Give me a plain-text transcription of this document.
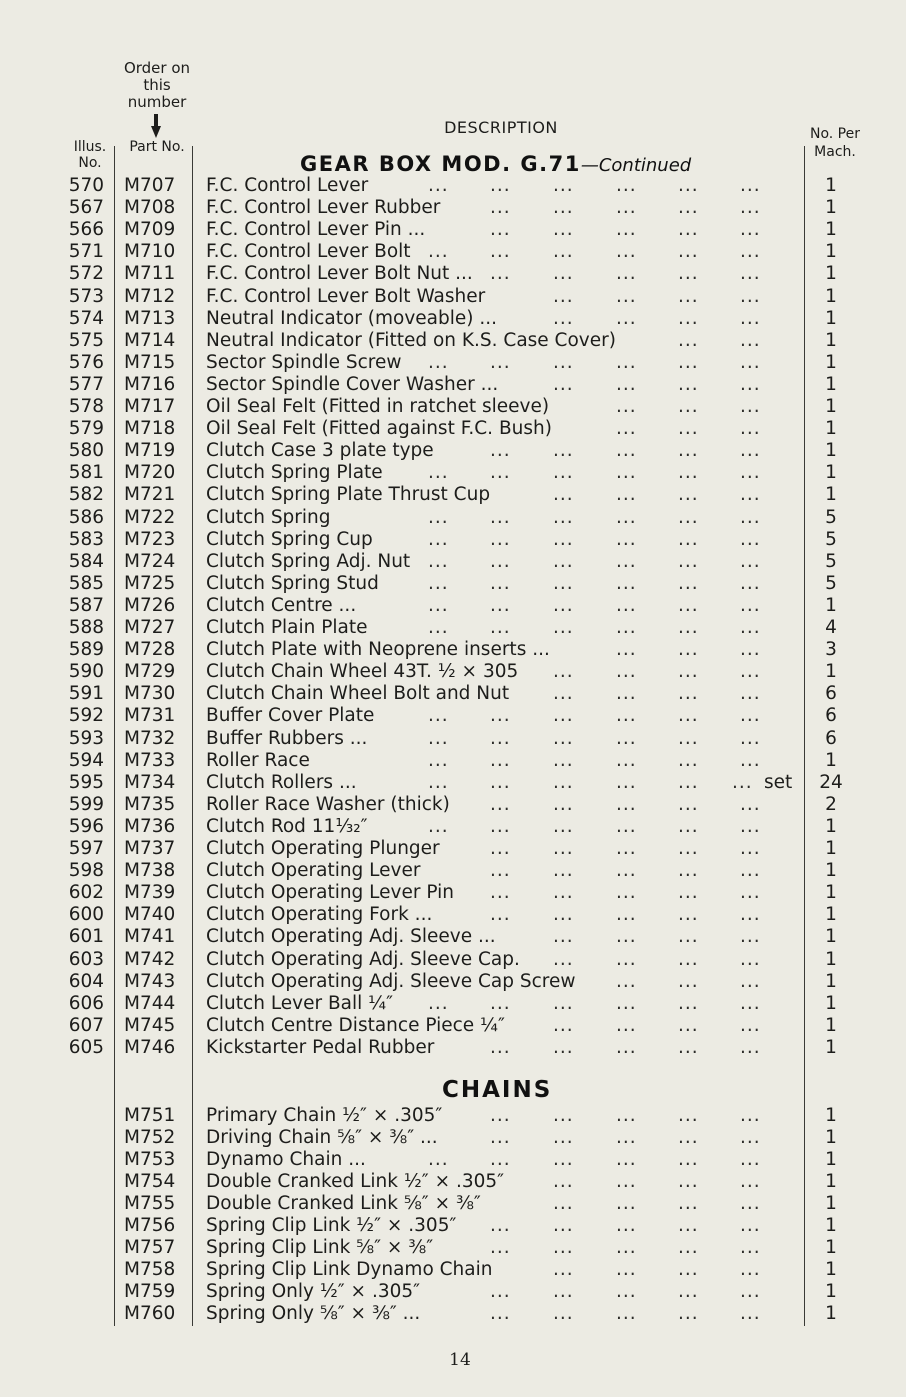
Order on this number
Illus. No.
Part No.
DESCRIPTION	No. Per Mach.
GEAR BOX MOD. G.71—Continued
CHAINS
570 M707 F.C. Control Lever	... ... ... ... ... ...	1
567 M708 F.C. Control Lever Rubber	... ... ... ... ...	1
566 M709 F.C. Control Lever Pin ...	... ... ... ... ...	1
571 M710 F.C. Control Lever Bolt ... ... ... ... ... ...	1
572 M711 F.C. Control Lever Bolt Nut ... ... ... ... ... ...	1
573 M712 F.C. Control Lever Bolt Washer	... ... ... ...	1
574 M713 Neutral Indicator (moveable) ...	... ... ... ...	1
575 M714 Neutral Indicator (Fitted on K.S. Case Cover)	... ...	1
576 M715 Sector Spindle Screw ... ... ... ... ... ...	1
577 M716 Sector Spindle Cover Washer ...	... ... ... ...	1
578 M717 Oil Seal Felt (Fitted in ratchet sleeve)	... ... ...	1
579 M718 Oil Seal Felt (Fitted against F.C. Bush)	... ... ...	1
580 M719 Clutch Case 3 plate type	... ... ... ... ...	1
581 M720 Clutch Spring Plate ... ... ... ... ... ...	1
582 M721 Clutch Spring Plate Thrust Cup	... ... ... ...	1
586 M722 Clutch Spring	... ... ... ... ... ...	5
583 M723 Clutch Spring Cup	... ... ... ... ... ...	5
584 M724 Clutch Spring Adj. Nut ... ... ... ... ... ...	5
585 M725 Clutch Spring Stud	... ... ... ... ... ...	5
587 M726 Clutch Centre ...	... ... ... ... ... ...	1
588 M727 Clutch Plain Plate	... ... ... ... ... ...	4
589 M728 Clutch Plate with Neoprene inserts ...	... ... ...	3
590 M729 Clutch Chain Wheel 43T. ½ × 305 ... ... ... ...	1
591 M730 Clutch Chain Wheel Bolt and Nut ... ... ... ...	6
592 M731 Buffer Cover Plate	... ... ... ... ... ...	6
593 M732 Buffer Rubbers ...	... ... ... ... ... ...	6
594 M733 Roller Race	... ... ... ... ... ...	1
595 M734 Clutch Rollers ...	... ... ... ... ... ... set 24
599 M735 Roller Race Washer (thick) ... ... ... ... ...	2
596 M736 Clutch Rod 11¹⁄₃₂″	... ... ... ... ... ...	1
597 M737 Clutch Operating Plunger	... ... ... ... ...	1
598 M738 Clutch Operating Lever	... ... ... ... ...	1
602 M739 Clutch Operating Lever Pin ... ... ... ... ...	1
600 M740 Clutch Operating Fork ...	... ... ... ... ...	1
601 M741 Clutch Operating Adj. Sleeve ...	... ... ... ...	1
603 M742 Clutch Operating Adj. Sleeve Cap. ... ... ... ...	1
604 M743 Clutch Operating Adj. Sleeve Cap Screw ... ... ...	1
606 M744 Clutch Lever Ball ¼″ ... ... ... ... ... ...	1
607 M745 Clutch Centre Distance Piece ¼″	... ... ... ...	1
605 M746 Kickstarter Pedal Rubber	... ... ... ... ...	1
M751 Primary Chain ½″ × .305″	... ... ... ... ...	1
M752 Driving Chain ⅝″ × ⅜″ ...	... ... ... ... ...	1
M753 Dynamo Chain ...	... ... ... ... ... ...	1
M754 Double Cranked Link ½″ × .305″	... ... ... ...	1
M755 Double Cranked Link ⅝″ × ⅜″	... ... ... ...	1
M756 Spring Clip Link ½″ × .305″ ... ... ... ... ...	1
M757 Spring Clip Link ⅝″ × ⅜″	... ... ... ... ...	1
M758 Spring Clip Link Dynamo Chain	... ... ... ...	1
M759 Spring Only ½″ × .305″	... ... ... ... ...	1
M760 Spring Only ⅝″ × ⅜″ ...	... ... ... ... ...	1
14
